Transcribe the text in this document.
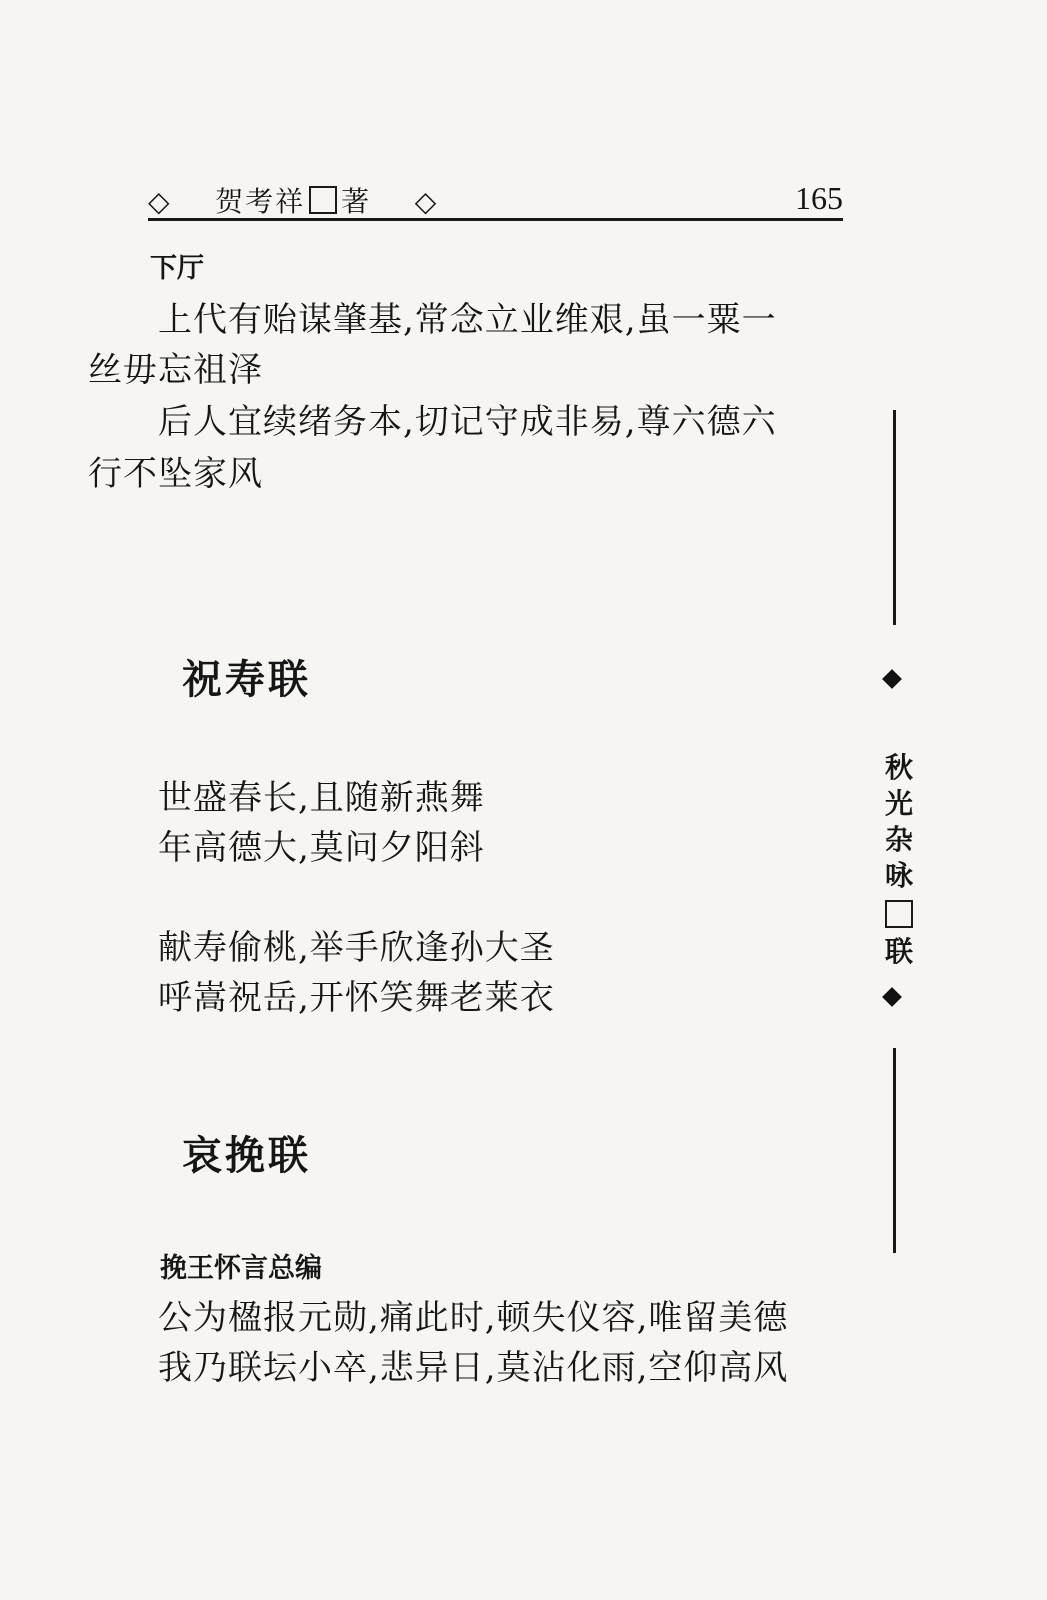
◇ 贺考祥 著 ◇	165
下厅
上代有贻谋肇基,常念立业维艰,虽一粟一
丝毋忘祖泽
后人宜续绪务本,切记守成非易,尊六德六
行不坠家风
祝寿联
世盛春长,且随新燕舞
年高德大,莫问夕阳斜
献寿偷桃,举手欣逢孙大圣
呼嵩祝岳,开怀笑舞老莱衣
哀挽联
挽王怀言总编
公为楹报元勋,痛此时,顿失仪容,唯留美德
我乃联坛小卒,悲异日,莫沾化雨,空仰高风
秋
光
杂
咏
联
